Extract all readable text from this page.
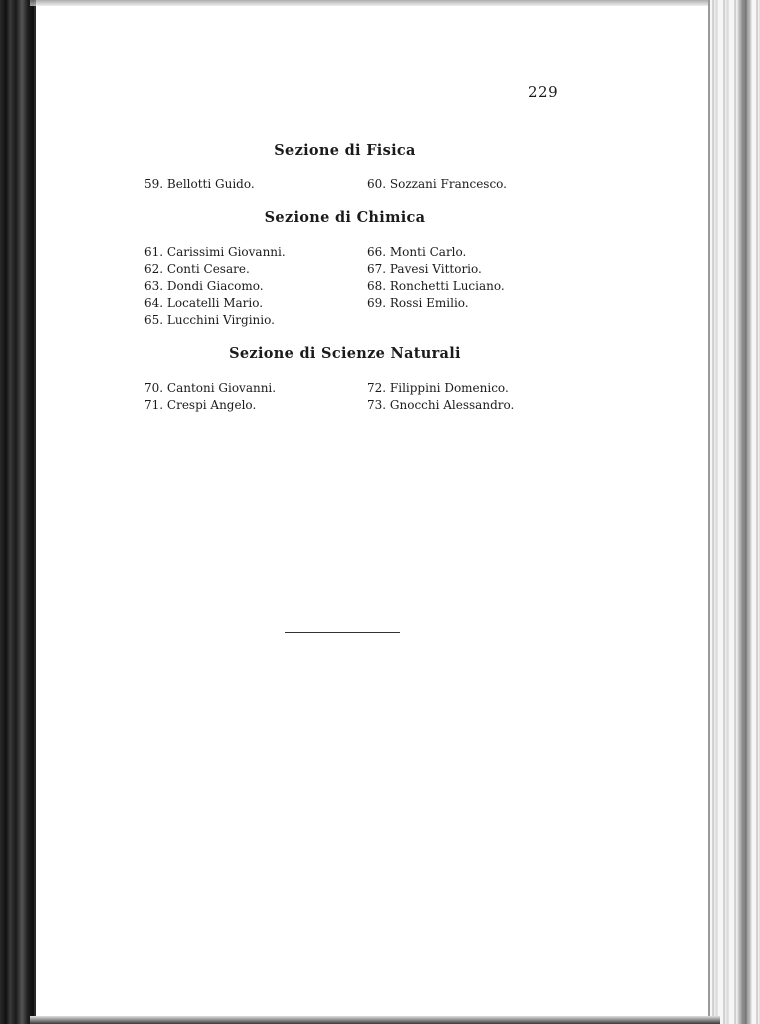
229
Sezione di Fisica
59. Bellotti Guido.	60. Sozzani Francesco.
Sezione di Chimica
61. Carissimi Giovanni.
62. Conti Cesare.
63. Dondi Giacomo.
64. Locatelli Mario.
65. Lucchini Virginio.
66. Monti Carlo.
67. Pavesi Vittorio.
68. Ronchetti Luciano.
69. Rossi Emilio.
Sezione di Scienze Naturali
70. Cantoni Giovanni.
71. Crespi Angelo.
72. Filippini Domenico.
73. Gnocchi Alessandro.
